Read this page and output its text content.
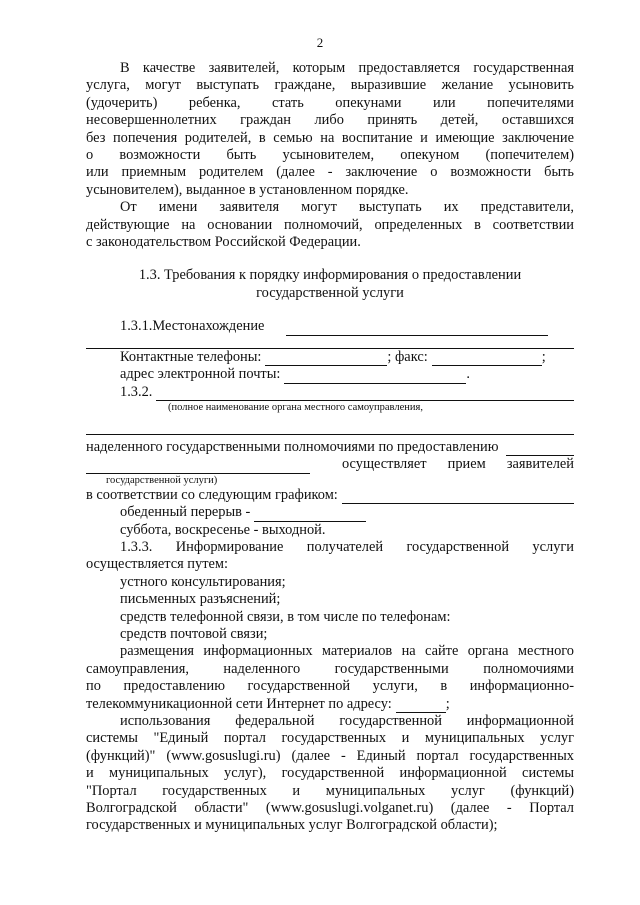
2
В качестве заявителей, которым предоставляется государственная
услуга, могут выступать граждане, выразившие желание усыновить
(удочерить) ребенка, стать опекунами или попечителями
несовершеннолетних граждан либо принять детей, оставшихся
без попечения родителей, в семью на воспитание и имеющие заключение
о возможности быть усыновителем, опекуном (попечителем)
или приемным родителем (далее - заключение о возможности быть
усыновителем), выданное в установленном порядке.
От имени заявителя могут выступать их представители,
действующие на основании полномочий, определенных в соответствии
с законодательством Российской Федерации.
1.3. Требования к порядку информирования о предоставлении
государственной услуги
1.3.1.Местонахождение
Контактные телефоны:	; факс:	;
адрес электронной почты:	.
1.3.2.
(полное наименование органа местного самоуправления,
наделенного государственными полномочиями по предоставлению
осуществляет прием заявителей
государственной услуги)
в соответствии со следующим графиком:
обеденный перерыв -
суббота, воскресенье - выходной.
1.3.3. Информирование получателей государственной услуги
осуществляется путем:
устного консультирования;
письменных разъяснений;
средств телефонной связи, в том числе по телефонам:
средств почтовой связи;
размещения информационных материалов на сайте органа местного
самоуправления, наделенного государственными полномочиями
по предоставлению государственной услуги, в информационно-
телекоммуникационной сети Интернет по адресу:	;
использования федеральной государственной информационной
системы "Единый портал государственных и муниципальных услуг
(функций)" (www.gosuslugi.ru) (далее - Единый портал государственных
и муниципальных услуг), государственной информационной системы
"Портал государственных и муниципальных услуг (функций)
Волгоградской области" (www.gosuslugi.volganet.ru) (далее - Портал
государственных и муниципальных услуг Волгоградской области);
